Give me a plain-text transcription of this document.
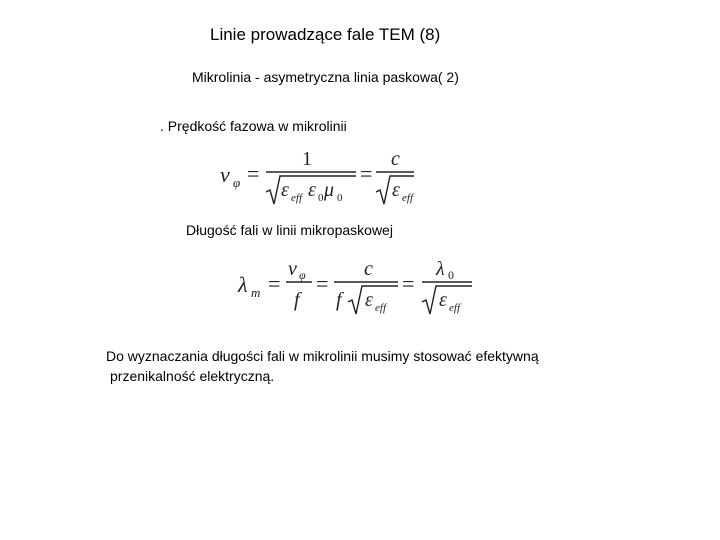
Linie prowadzące fale TEM (8)
Mikrolinia - asymetryczna linia paskowa( 2)
. Prędkość fazowa w mikrolinii
v φ =
1
ε eff ε 0 μ 0
=
c
ε eff
Długość fali w linii mikropaskowej
λ m =
v φ
f
=
c
f ε eff
=
λ 0
ε eff
Do wyznaczania długości fali w mikrolinii musimy stosować efektywną
przenikalność elektryczną.
